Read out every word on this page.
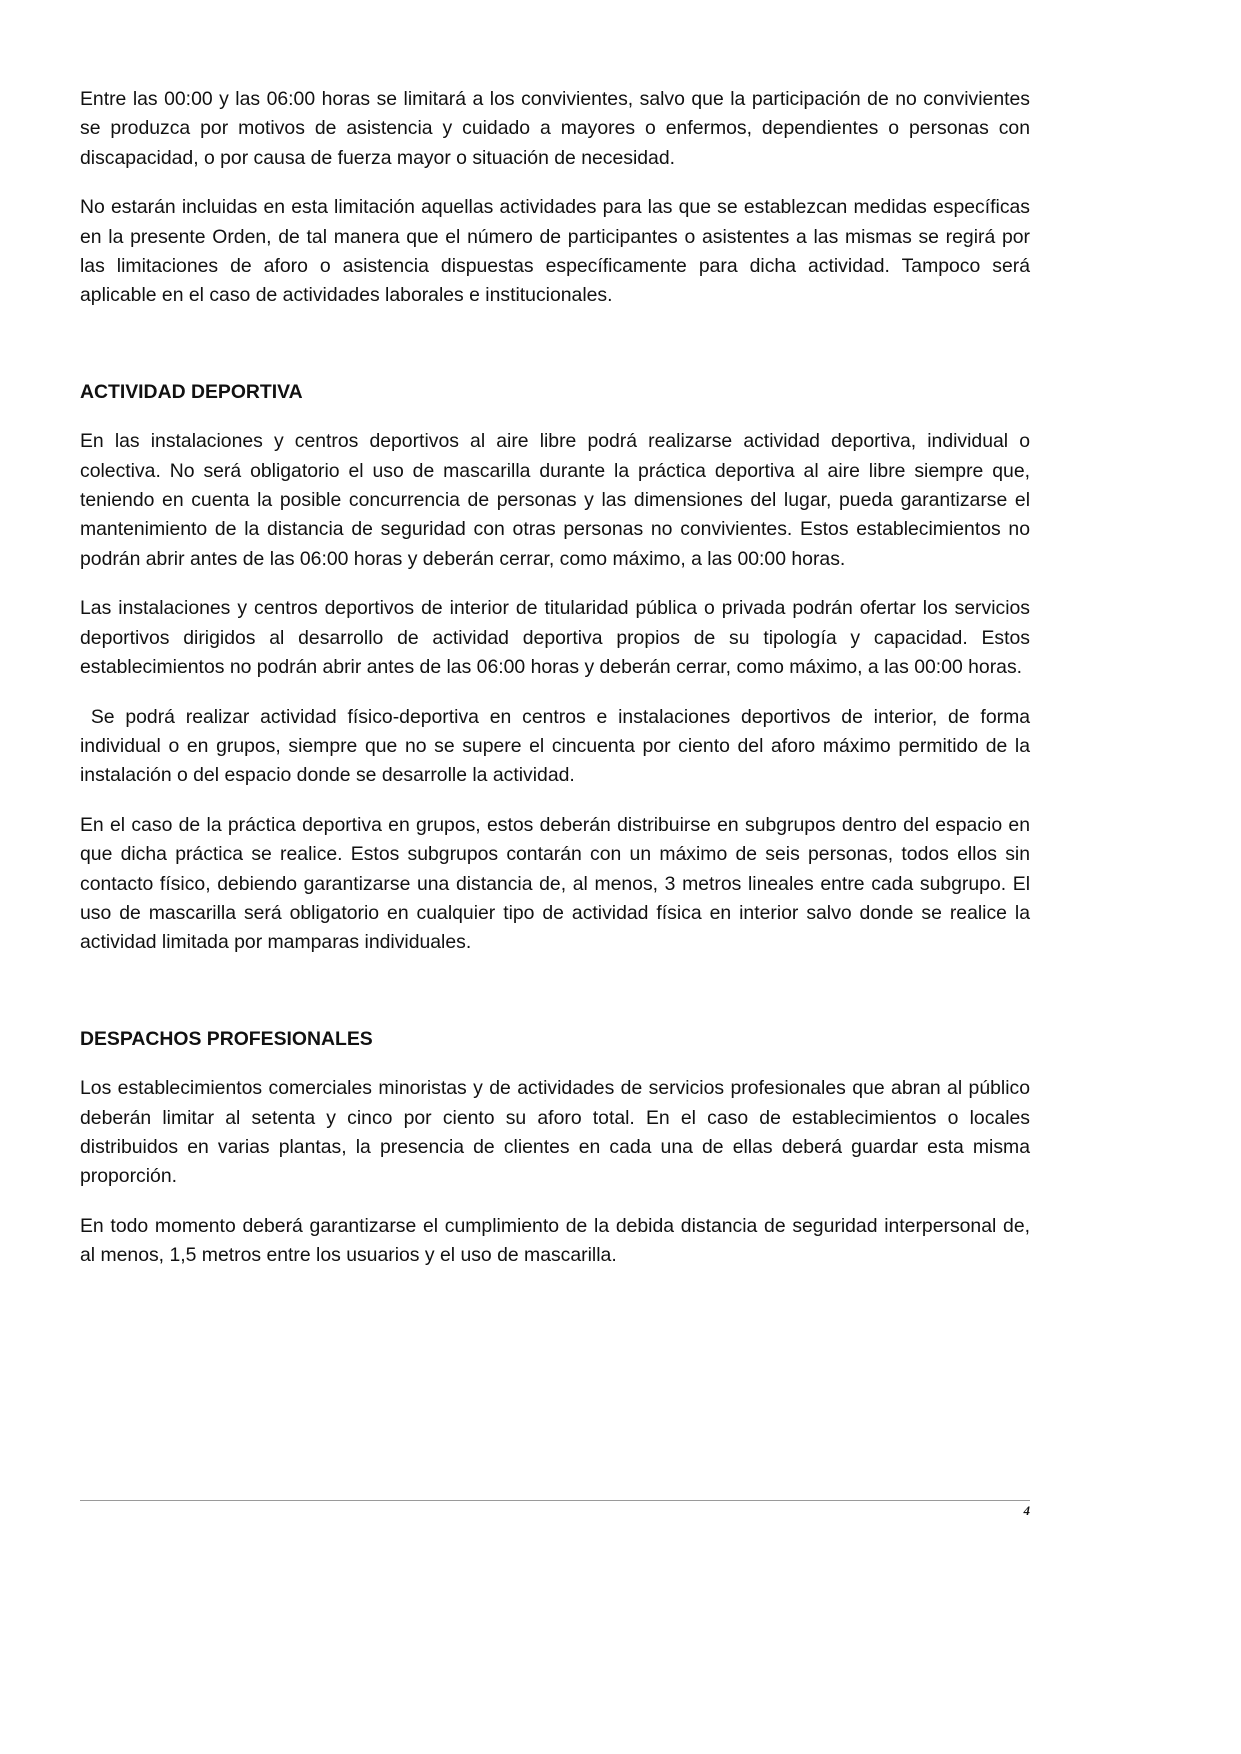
Entre las 00:00 y las 06:00 horas se limitará a los convivientes, salvo que la participación de no convivientes se produzca por motivos de asistencia y cuidado a mayores o enfermos, dependientes o personas con discapacidad, o por causa de fuerza mayor o situación de necesidad.

No estarán incluidas en esta limitación aquellas actividades para las que se establezcan medidas específicas en la presente Orden, de tal manera que el número de participantes o asistentes a las mismas se regirá por las limitaciones de aforo o asistencia dispuestas específicamente para dicha actividad. Tampoco será aplicable en el caso de actividades laborales e institucionales.

ACTIVIDAD DEPORTIVA

En las instalaciones y centros deportivos al aire libre podrá realizarse actividad deportiva, individual o colectiva. No será obligatorio el uso de mascarilla durante la práctica deportiva al aire libre siempre que, teniendo en cuenta la posible concurrencia de personas y las dimensiones del lugar, pueda garantizarse el mantenimiento de la distancia de seguridad con otras personas no convivientes. Estos establecimientos no podrán abrir antes de las 06:00 horas y deberán cerrar, como máximo, a las 00:00 horas.

Las instalaciones y centros deportivos de interior de titularidad pública o privada podrán ofertar los servicios deportivos dirigidos al desarrollo de actividad deportiva propios de su tipología y capacidad. Estos establecimientos no podrán abrir antes de las 06:00 horas y deberán cerrar, como máximo, a las 00:00 horas.

Se podrá realizar actividad físico-deportiva en centros e instalaciones deportivos de interior, de forma individual o en grupos, siempre que no se supere el cincuenta por ciento del aforo máximo permitido de la instalación o del espacio donde se desarrolle la actividad.

En el caso de la práctica deportiva en grupos, estos deberán distribuirse en subgrupos dentro del espacio en que dicha práctica se realice. Estos subgrupos contarán con un máximo de seis personas, todos ellos sin contacto físico, debiendo garantizarse una distancia de, al menos, 3 metros lineales entre cada subgrupo. El uso de mascarilla será obligatorio en cualquier tipo de actividad física en interior salvo donde se realice la actividad limitada por mamparas individuales.

DESPACHOS PROFESIONALES

Los establecimientos comerciales minoristas y de actividades de servicios profesionales que abran al público deberán limitar al setenta y cinco por ciento su aforo total. En el caso de establecimientos o locales distribuidos en varias plantas, la presencia de clientes en cada una de ellas deberá guardar esta misma proporción.

En todo momento deberá garantizarse el cumplimiento de la debida distancia de seguridad interpersonal de, al menos, 1,5 metros entre los usuarios y el uso de mascarilla.

4
